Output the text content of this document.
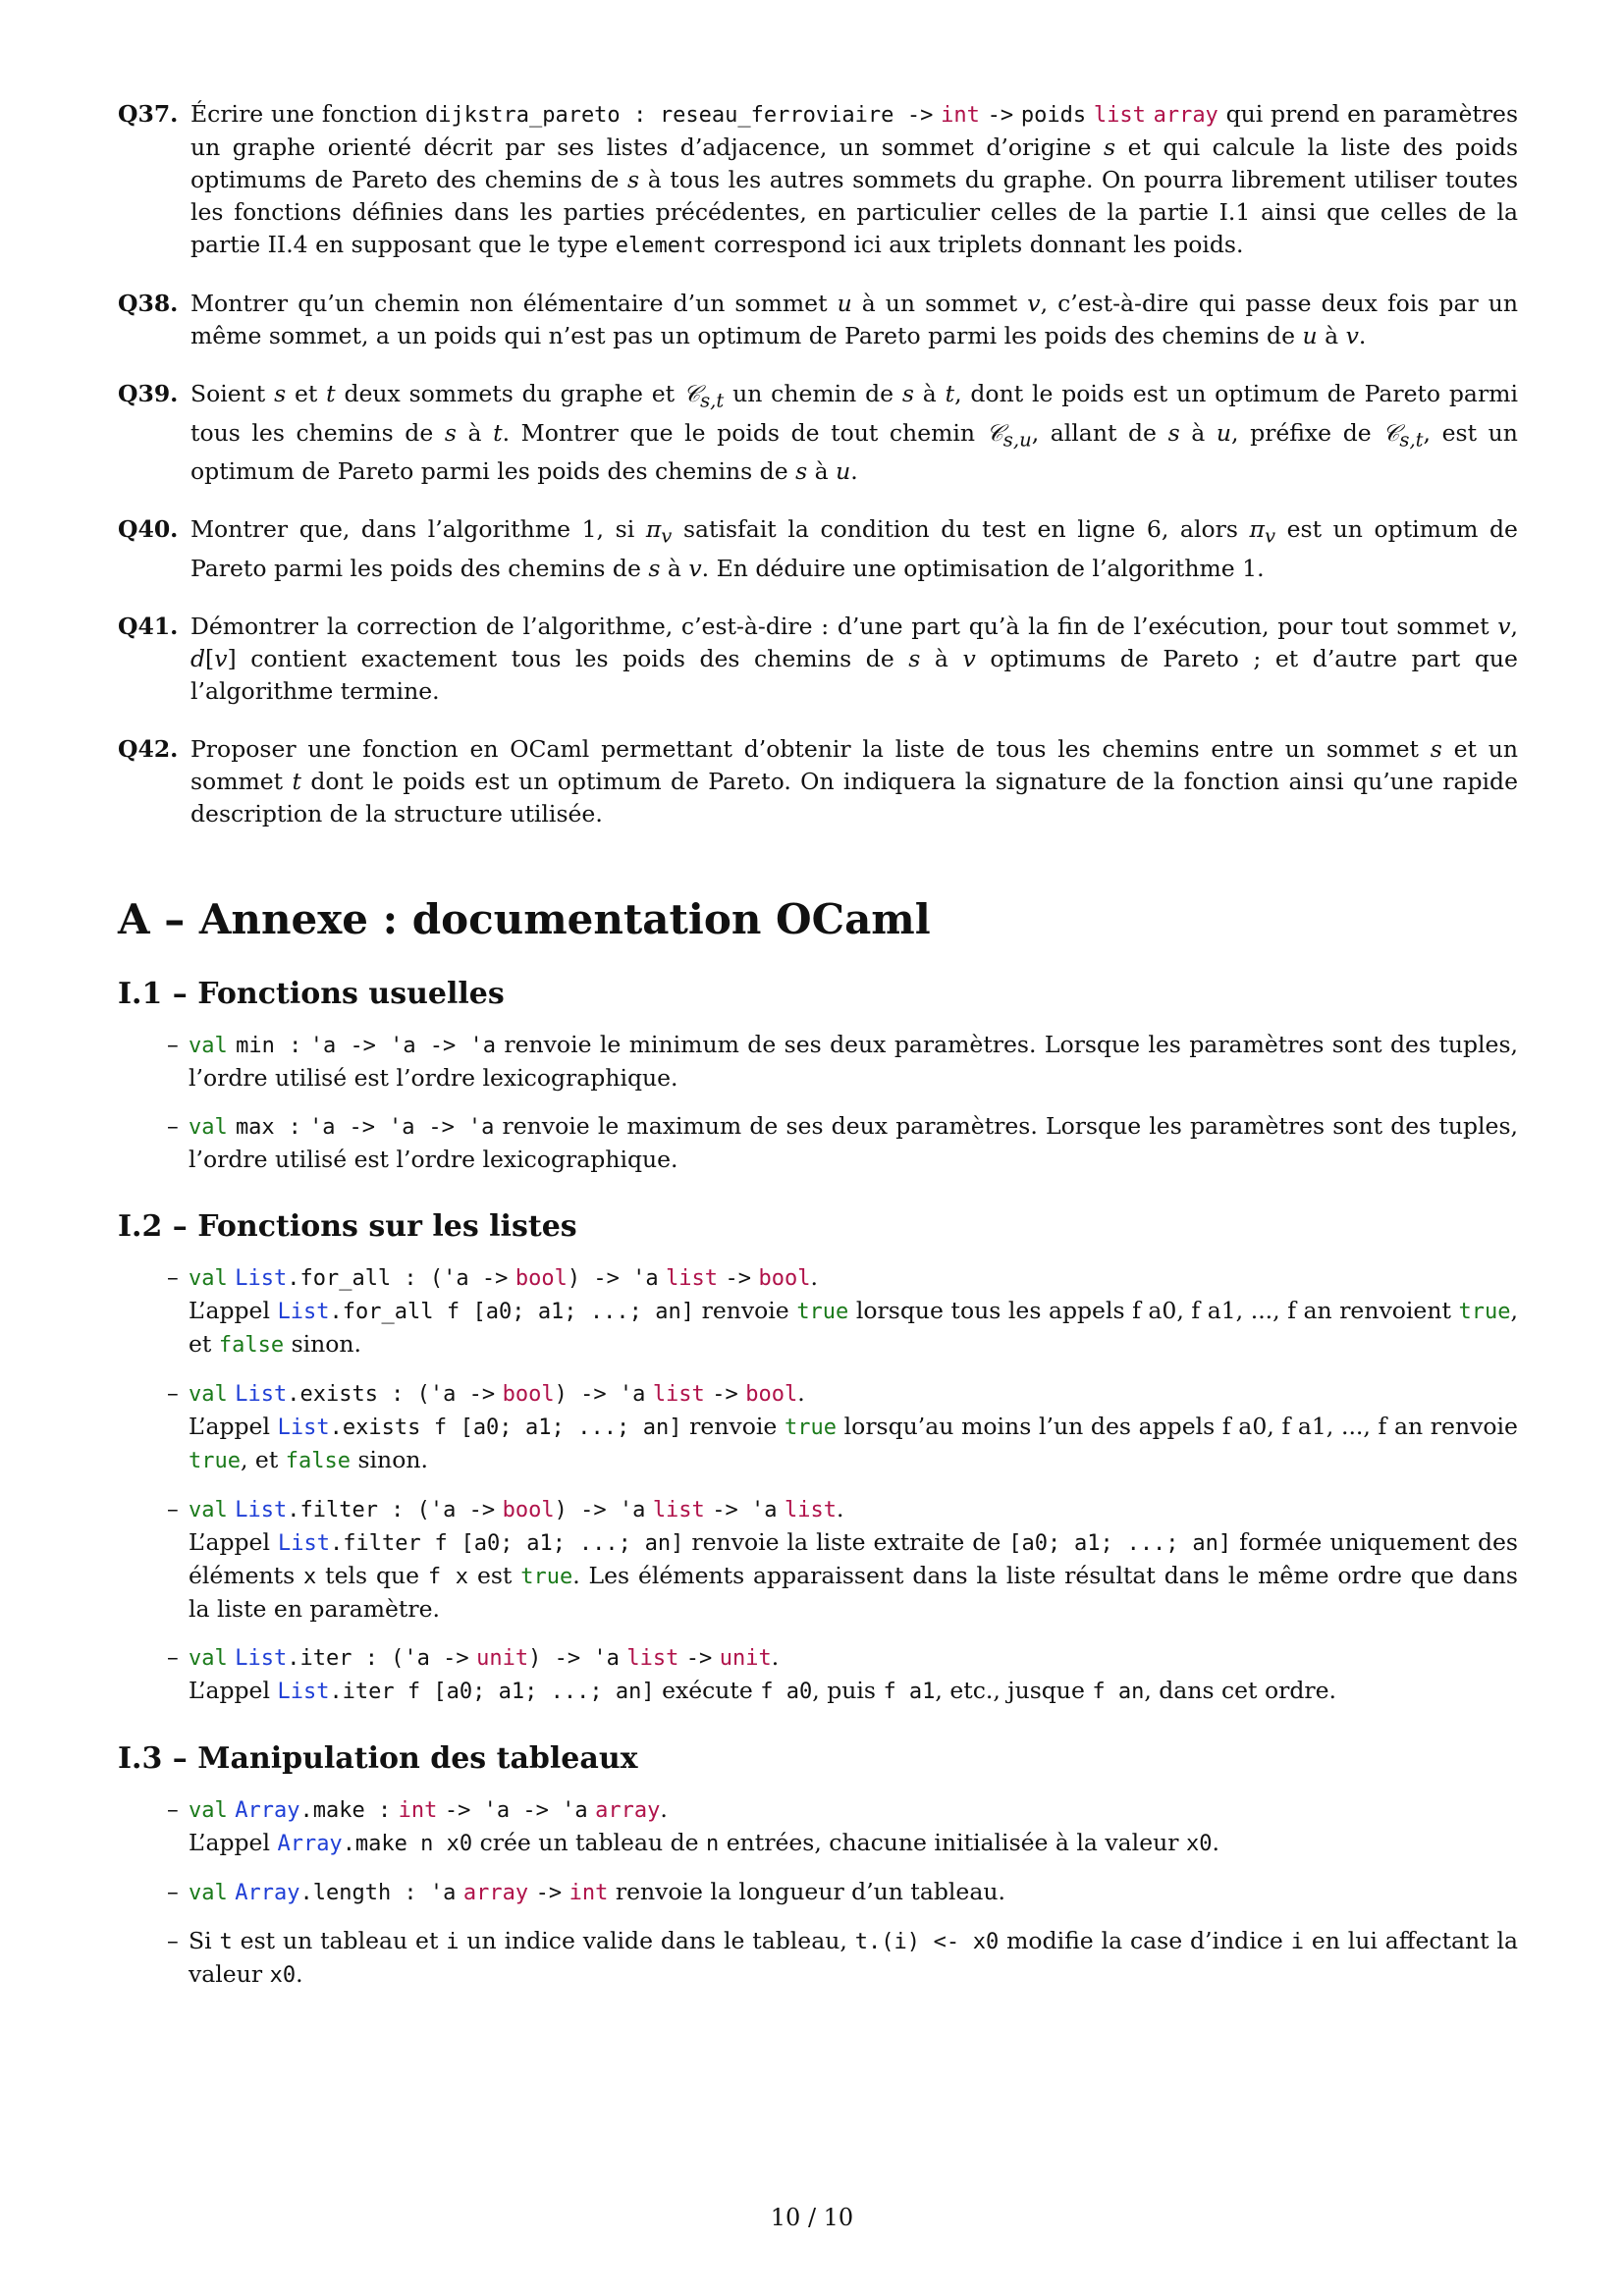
Q37. Écrire une fonction dijkstra_pareto : reseau_ferroviaire -> int -> poids list array qui prend en paramètres un graphe orienté décrit par ses listes d’adjacence, un sommet d’origine s et qui calcule la liste des poids optimums de Pareto des chemins de s à tous les autres sommets du graphe. On pourra librement utiliser toutes les fonctions définies dans les parties précédentes, en particulier celles de la partie I.1 ainsi que celles de la partie II.4 en supposant que le type element correspond ici aux triplets donnant les poids.
Q38. Montrer qu’un chemin non élémentaire d’un sommet u à un sommet v, c’est-à-dire qui passe deux fois par un même sommet, a un poids qui n’est pas un optimum de Pareto parmi les poids des chemins de u à v.
Q39. Soient s et t deux sommets du graphe et 𝒞$_{s,t}$ un chemin de s à t, dont le poids est un optimum de Pareto parmi tous les chemins de s à t. Montrer que le poids de tout chemin 𝒞$_{s,u}$, allant de s à u, préfixe de 𝒞$_{s,t}$, est un optimum de Pareto parmi les poids des chemins de s à u.
Q40. Montrer que, dans l’algorithme 1, si $\pi_v$ satisfait la condition du test en ligne 6, alors $\pi_v$ est un optimum de Pareto parmi les poids des chemins de s à v. En déduire une optimisation de l’algorithme 1.
Q41. Démontrer la correction de l’algorithme, c’est-à-dire : d’une part qu’à la fin de l’exécution, pour tout sommet v, d[v] contient exactement tous les poids des chemins de s à v optimums de Pareto ; et d’autre part que l’algorithme termine.
Q42. Proposer une fonction en OCaml permettant d’obtenir la liste de tous les chemins entre un sommet s et un sommet t dont le poids est un optimum de Pareto. On indiquera la signature de la fonction ainsi qu’une rapide description de la structure utilisée.
A – Annexe : documentation OCaml
I.1 – Fonctions usuelles
– val min : 'a -> 'a -> 'a renvoie le minimum de ses deux paramètres. Lorsque les paramètres sont des tuples, l’ordre utilisé est l’ordre lexicographique.
– val max : 'a -> 'a -> 'a renvoie le maximum de ses deux paramètres. Lorsque les paramètres sont des tuples, l’ordre utilisé est l’ordre lexicographique.
I.2 – Fonctions sur les listes
– val List.for_all : ('a -> bool) -> 'a list -> bool.
L’appel List.for_all f [a0; a1; ...; an] renvoie true lorsque tous les appels f a0, f a1, ..., f an renvoient true, et false sinon.
– val List.exists : ('a -> bool) -> 'a list -> bool.
L’appel List.exists f [a0; a1; ...; an] renvoie true lorsqu’au moins l’un des appels f a0, f a1, ..., f an renvoie true, et false sinon.
– val List.filter : ('a -> bool) -> 'a list -> 'a list.
L’appel List.filter f [a0; a1; ...; an] renvoie la liste extraite de [a0; a1; ...; an] formée uniquement des éléments x tels que f x est true. Les éléments apparaissent dans la liste résultat dans le même ordre que dans la liste en paramètre.
– val List.iter : ('a -> unit) -> 'a list -> unit.
L’appel List.iter f [a0; a1; ...; an] exécute f a0, puis f a1, etc., jusque f an, dans cet ordre.
I.3 – Manipulation des tableaux
– val Array.make : int -> 'a -> 'a array.
L’appel Array.make n x0 crée un tableau de n entrées, chacune initialisée à la valeur x0.
– val Array.length : 'a array -> int renvoie la longueur d’un tableau.
– Si t est un tableau et i un indice valide dans le tableau, t.(i) <- x0 modifie la case d’indice i en lui affectant la valeur x0.
10 / 10
